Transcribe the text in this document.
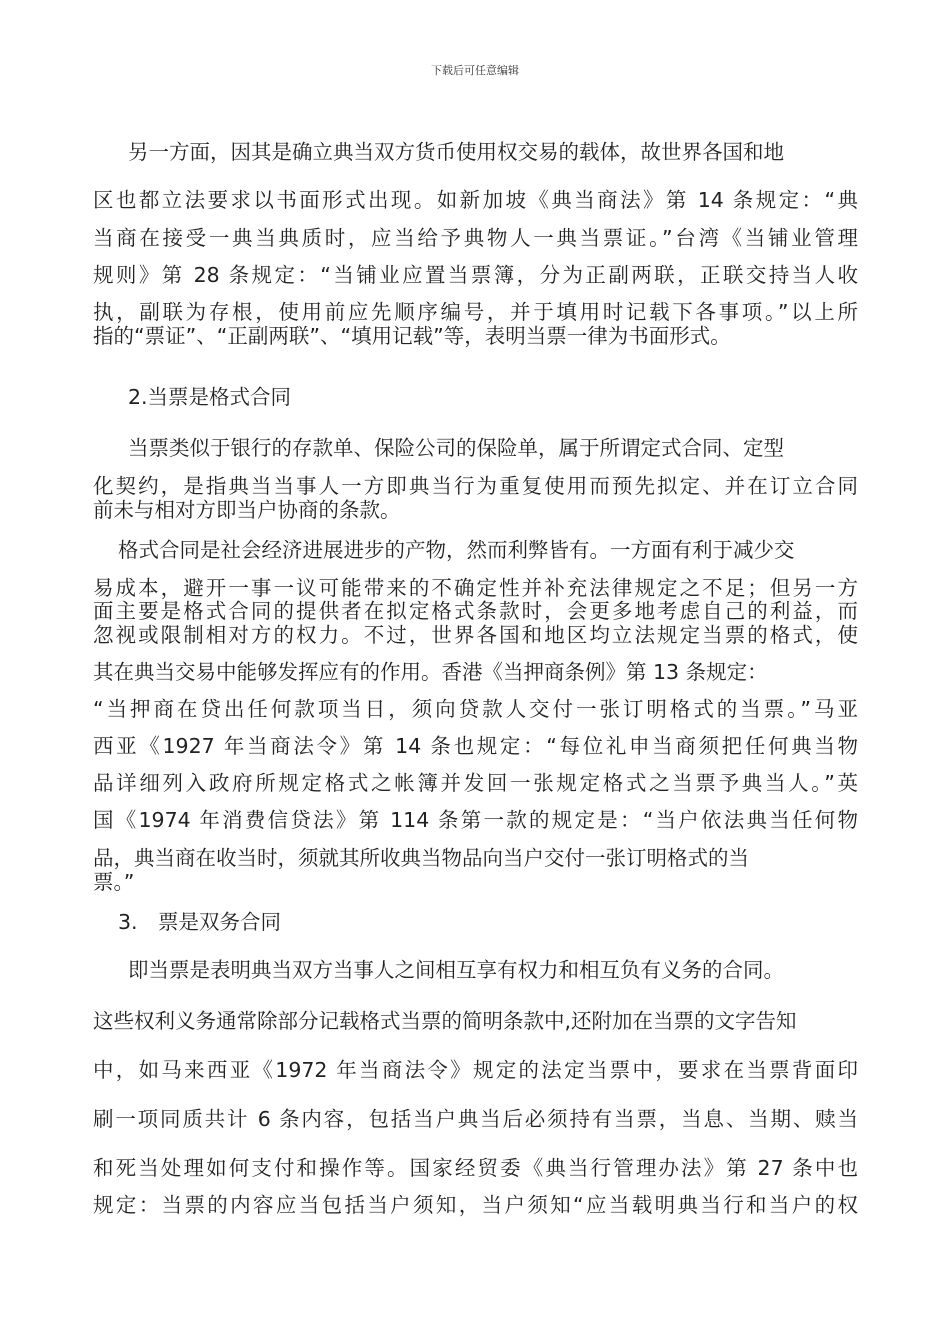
下载后可任意编辑
另一方面，因其是确立典当双方货币使用权交易的载体，故世界各国和地
区也都立法要求以书面形式出现。如新加坡《典当商法》第 14 条规定：“典
当商在接受一典当典质时，应当给予典物人一典当票证。”台湾《当铺业管理
规则》第 28 条规定：“当铺业应置当票簿，分为正副两联，正联交持当人收
执，副联为存根，使用前应先顺序编号，并于填用时记载下各事项。”以上所
指的“票证”、“正副两联”、“填用记载”等，表明当票一律为书面形式。
2.当票是格式合同
当票类似于银行的存款单、保险公司的保险单，属于所谓定式合同、定型
化契约，是指典当当事人一方即典当行为重复使用而预先拟定、并在订立合同
前未与相对方即当户协商的条款。
格式合同是社会经济进展进步的产物，然而利弊皆有。一方面有利于减少交
易成本，避开一事一议可能带来的不确定性并补充法律规定之不足；但另一方
面主要是格式合同的提供者在拟定格式条款时，会更多地考虑自己的利益，而
忽视或限制相对方的权力。不过，世界各国和地区均立法规定当票的格式，使
其在典当交易中能够发挥应有的作用。香港《当押商条例》第 13 条规定：
“当押商在贷出任何款项当日，须向贷款人交付一张订明格式的当票。”马亚
西亚《1927 年当商法令》第 14 条也规定：“每位礼申当商须把任何典当物
品详细列入政府所规定格式之帐簿并发回一张规定格式之当票予典当人。”英
国《1974 年消费信贷法》第 114 条第一款的规定是：“当户依法典当任何物
品，典当商在收当时，须就其所收典当物品向当户交付一张订明格式的当
票。”
3.　票是双务合同
即当票是表明典当双方当事人之间相互享有权力和相互负有义务的合同。
这些权利义务通常除部分记载格式当票的简明条款中,还附加在当票的文字告知
中，如马来西亚《1972 年当商法令》规定的法定当票中，要求在当票背面印
刷一项同质共计 6 条内容，包括当户典当后必须持有当票，当息、当期、赎当
和死当处理如何支付和操作等。国家经贸委《典当行管理办法》第 27 条中也
规定：当票的内容应当包括当户须知，当户须知“应当载明典当行和当户的权
